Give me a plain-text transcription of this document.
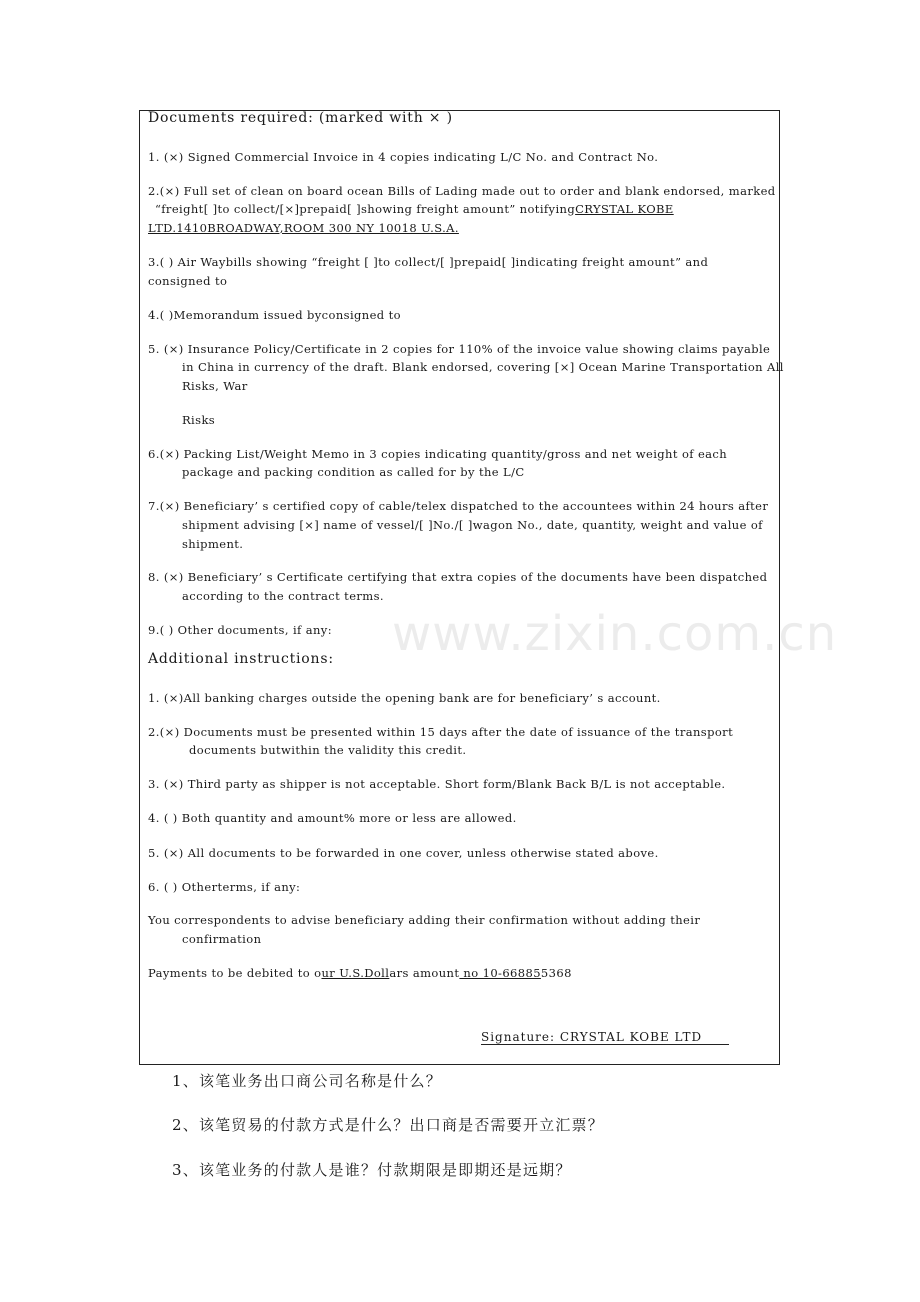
www.zixin.com.cn
Documents required: (marked with × )
1. (×) Signed Commercial Invoice in 4 copies indicating L/C No. and Contract No.
2.(×) Full set of clean on board ocean Bills of Lading made out to order and blank endorsed, marked
“freight[ ]to collect/[×]prepaid[ ]showing freight amount” notifyingCRYSTAL KOBE
LTD.1410BROADWAY,ROOM 300 NY 10018 U.S.A.
3.( ) Air Waybills showing “freight [ ]to collect/[ ]prepaid[ ]indicating freight amount” and
consigned to
4.( )Memorandum issued byconsigned to
5. (×) Insurance Policy/Certificate in 2 copies for 110% of the invoice value showing claims payable
in China in currency of the draft. Blank endorsed, covering [×] Ocean Marine Transportation All
Risks, War
Risks
6.(×) Packing List/Weight Memo in 3 copies indicating quantity/gross and net weight of each
package and packing condition as called for by the L/C
7.(×) Beneficiary’ s certified copy of cable/telex dispatched to the accountees within 24 hours after
shipment advising [×] name of vessel/[ ]No./[ ]wagon No., date, quantity, weight and value of
shipment.
8. (×) Beneficiary’ s Certificate certifying that extra copies of the documents have been dispatched
according to the contract terms.
9.( ) Other documents, if any:
Additional instructions:
1. (×)All banking charges outside the opening bank are for beneficiary’ s account.
2.(×) Documents must be presented within 15 days after the date of issuance of the transport
documents butwithin the validity this credit.
3. (×) Third party as shipper is not acceptable. Short form/Blank Back B/L is not acceptable.
4. ( ) Both quantity and amount% more or less are allowed.
5. (×) All documents to be forwarded in one cover, unless otherwise stated above.
6. ( ) Otherterms, if any:
You correspondents to advise beneficiary adding their confirmation without adding their
confirmation
Payments to be debited to our U.S.Dollars amount no 10-668855368
Signature: CRYSTAL KOBE LTD
1、该笔业务出口商公司名称是什么？
2、该笔贸易的付款方式是什么？出口商是否需要开立汇票？
3、该笔业务的付款人是谁？付款期限是即期还是远期？
